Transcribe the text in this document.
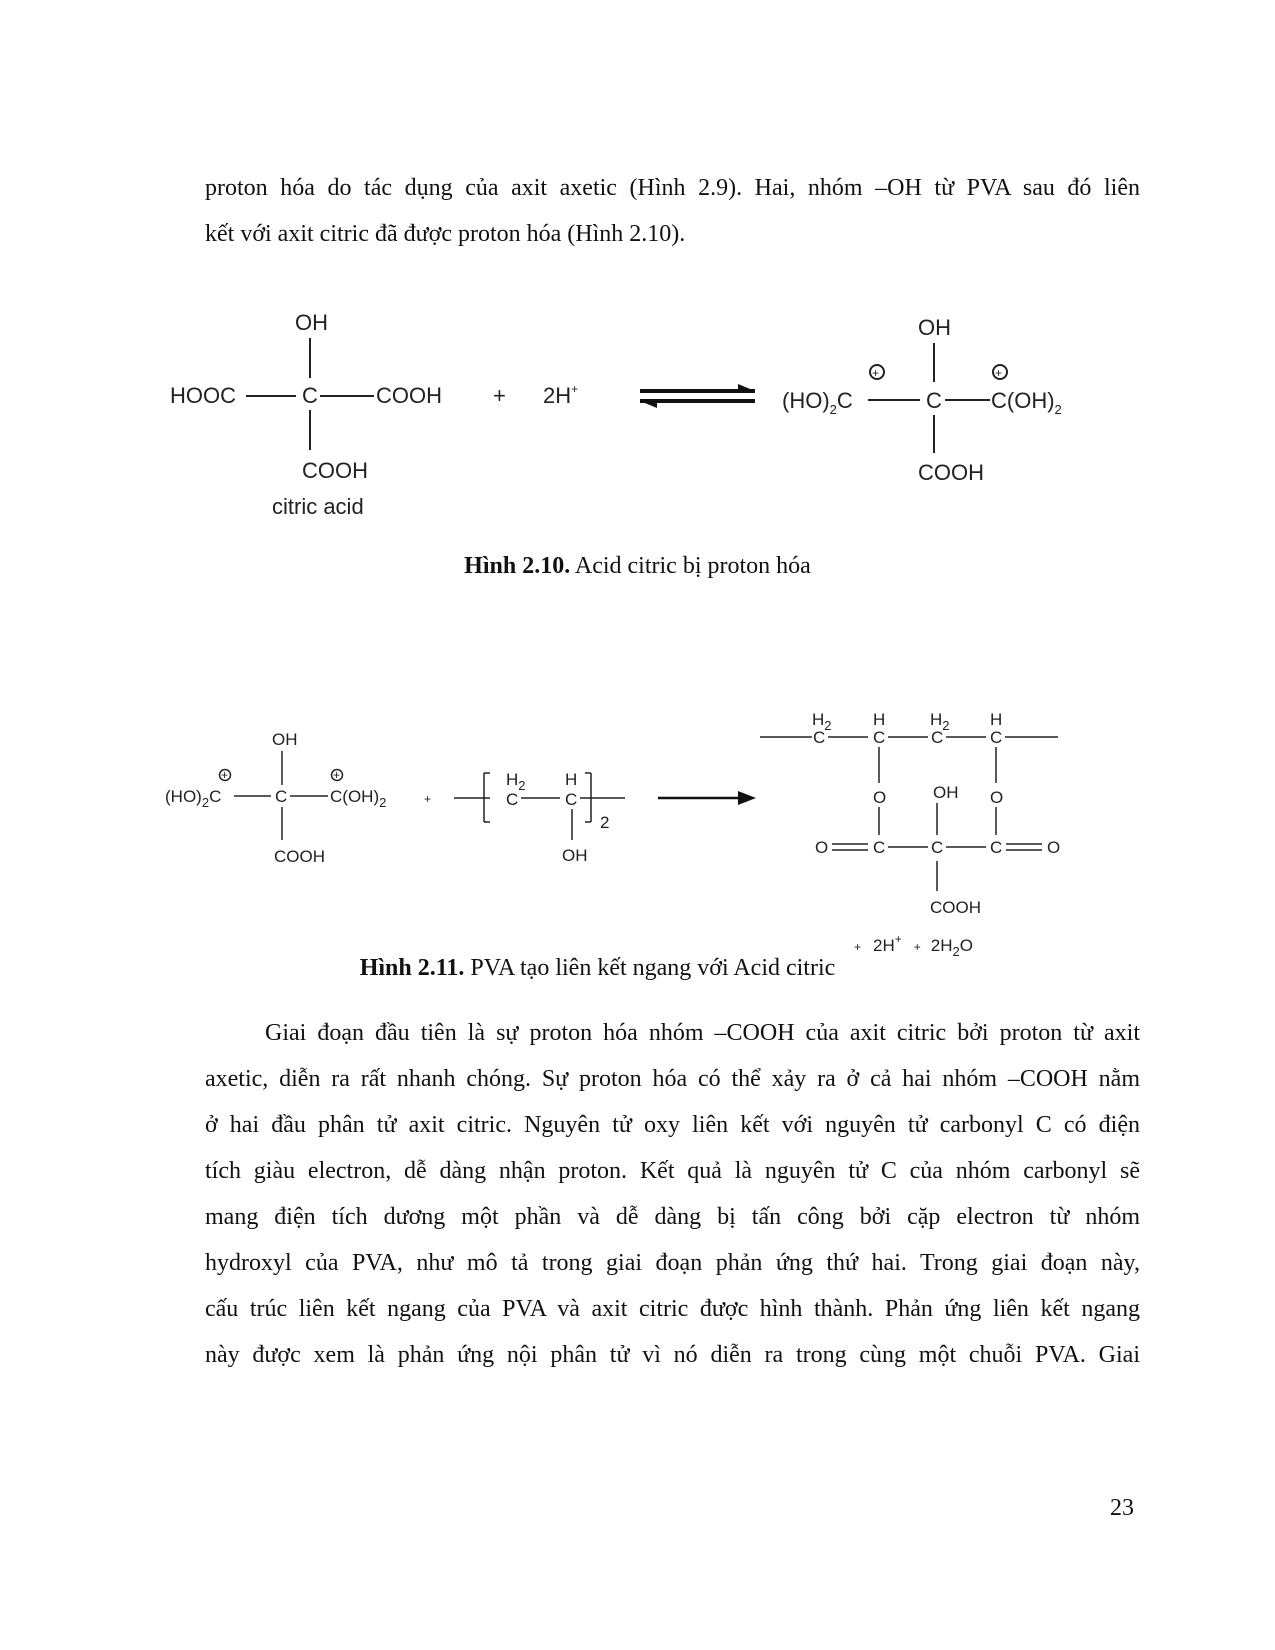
proton hóa do tác dụng của axit axetic (Hình 2.9). Hai, nhóm –OH từ PVA sau đó liên
kết với axit citric đã được proton hóa (Hình 2.10).

OH
HOOC	C	COOH
COOH
citric acid
+ 2H+
OH
$(HO)_2C$
+
C
+
$C(OH)_2$
COOH

Hình 2.10. Acid citric bị proton hóa

OH
$(HO)_2C$
+
C
+
$C(OH)_2$
COOH
+
$H_2$
C
H
C
2
OH
$H_2$
C
H
C
$H_2$
C
H
C
O	O
OH
O	C	C	C	O
COOH
+ $2H^+_+$ $2H_2O$

Hình 2.11. PVA tạo liên kết ngang với Acid citric

Giai đoạn đầu tiên là sự proton hóa nhóm –COOH của axit citric bởi proton từ axit
axetic, diễn ra rất nhanh chóng. Sự proton hóa có thể xảy ra ở cả hai nhóm –COOH nằm
ở hai đầu phân tử axit citric. Nguyên tử oxy liên kết với nguyên tử carbonyl C có điện
tích giàu electron, dễ dàng nhận proton. Kết quả là nguyên tử C của nhóm carbonyl sẽ
mang điện tích dương một phần và dễ dàng bị tấn công bởi cặp electron từ nhóm
hydroxyl của PVA, như mô tả trong giai đoạn phản ứng thứ hai. Trong giai đoạn này,
cấu trúc liên kết ngang của PVA và axit citric được hình thành. Phản ứng liên kết ngang
này được xem là phản ứng nội phân tử vì nó diễn ra trong cùng một chuỗi PVA. Giai

23
